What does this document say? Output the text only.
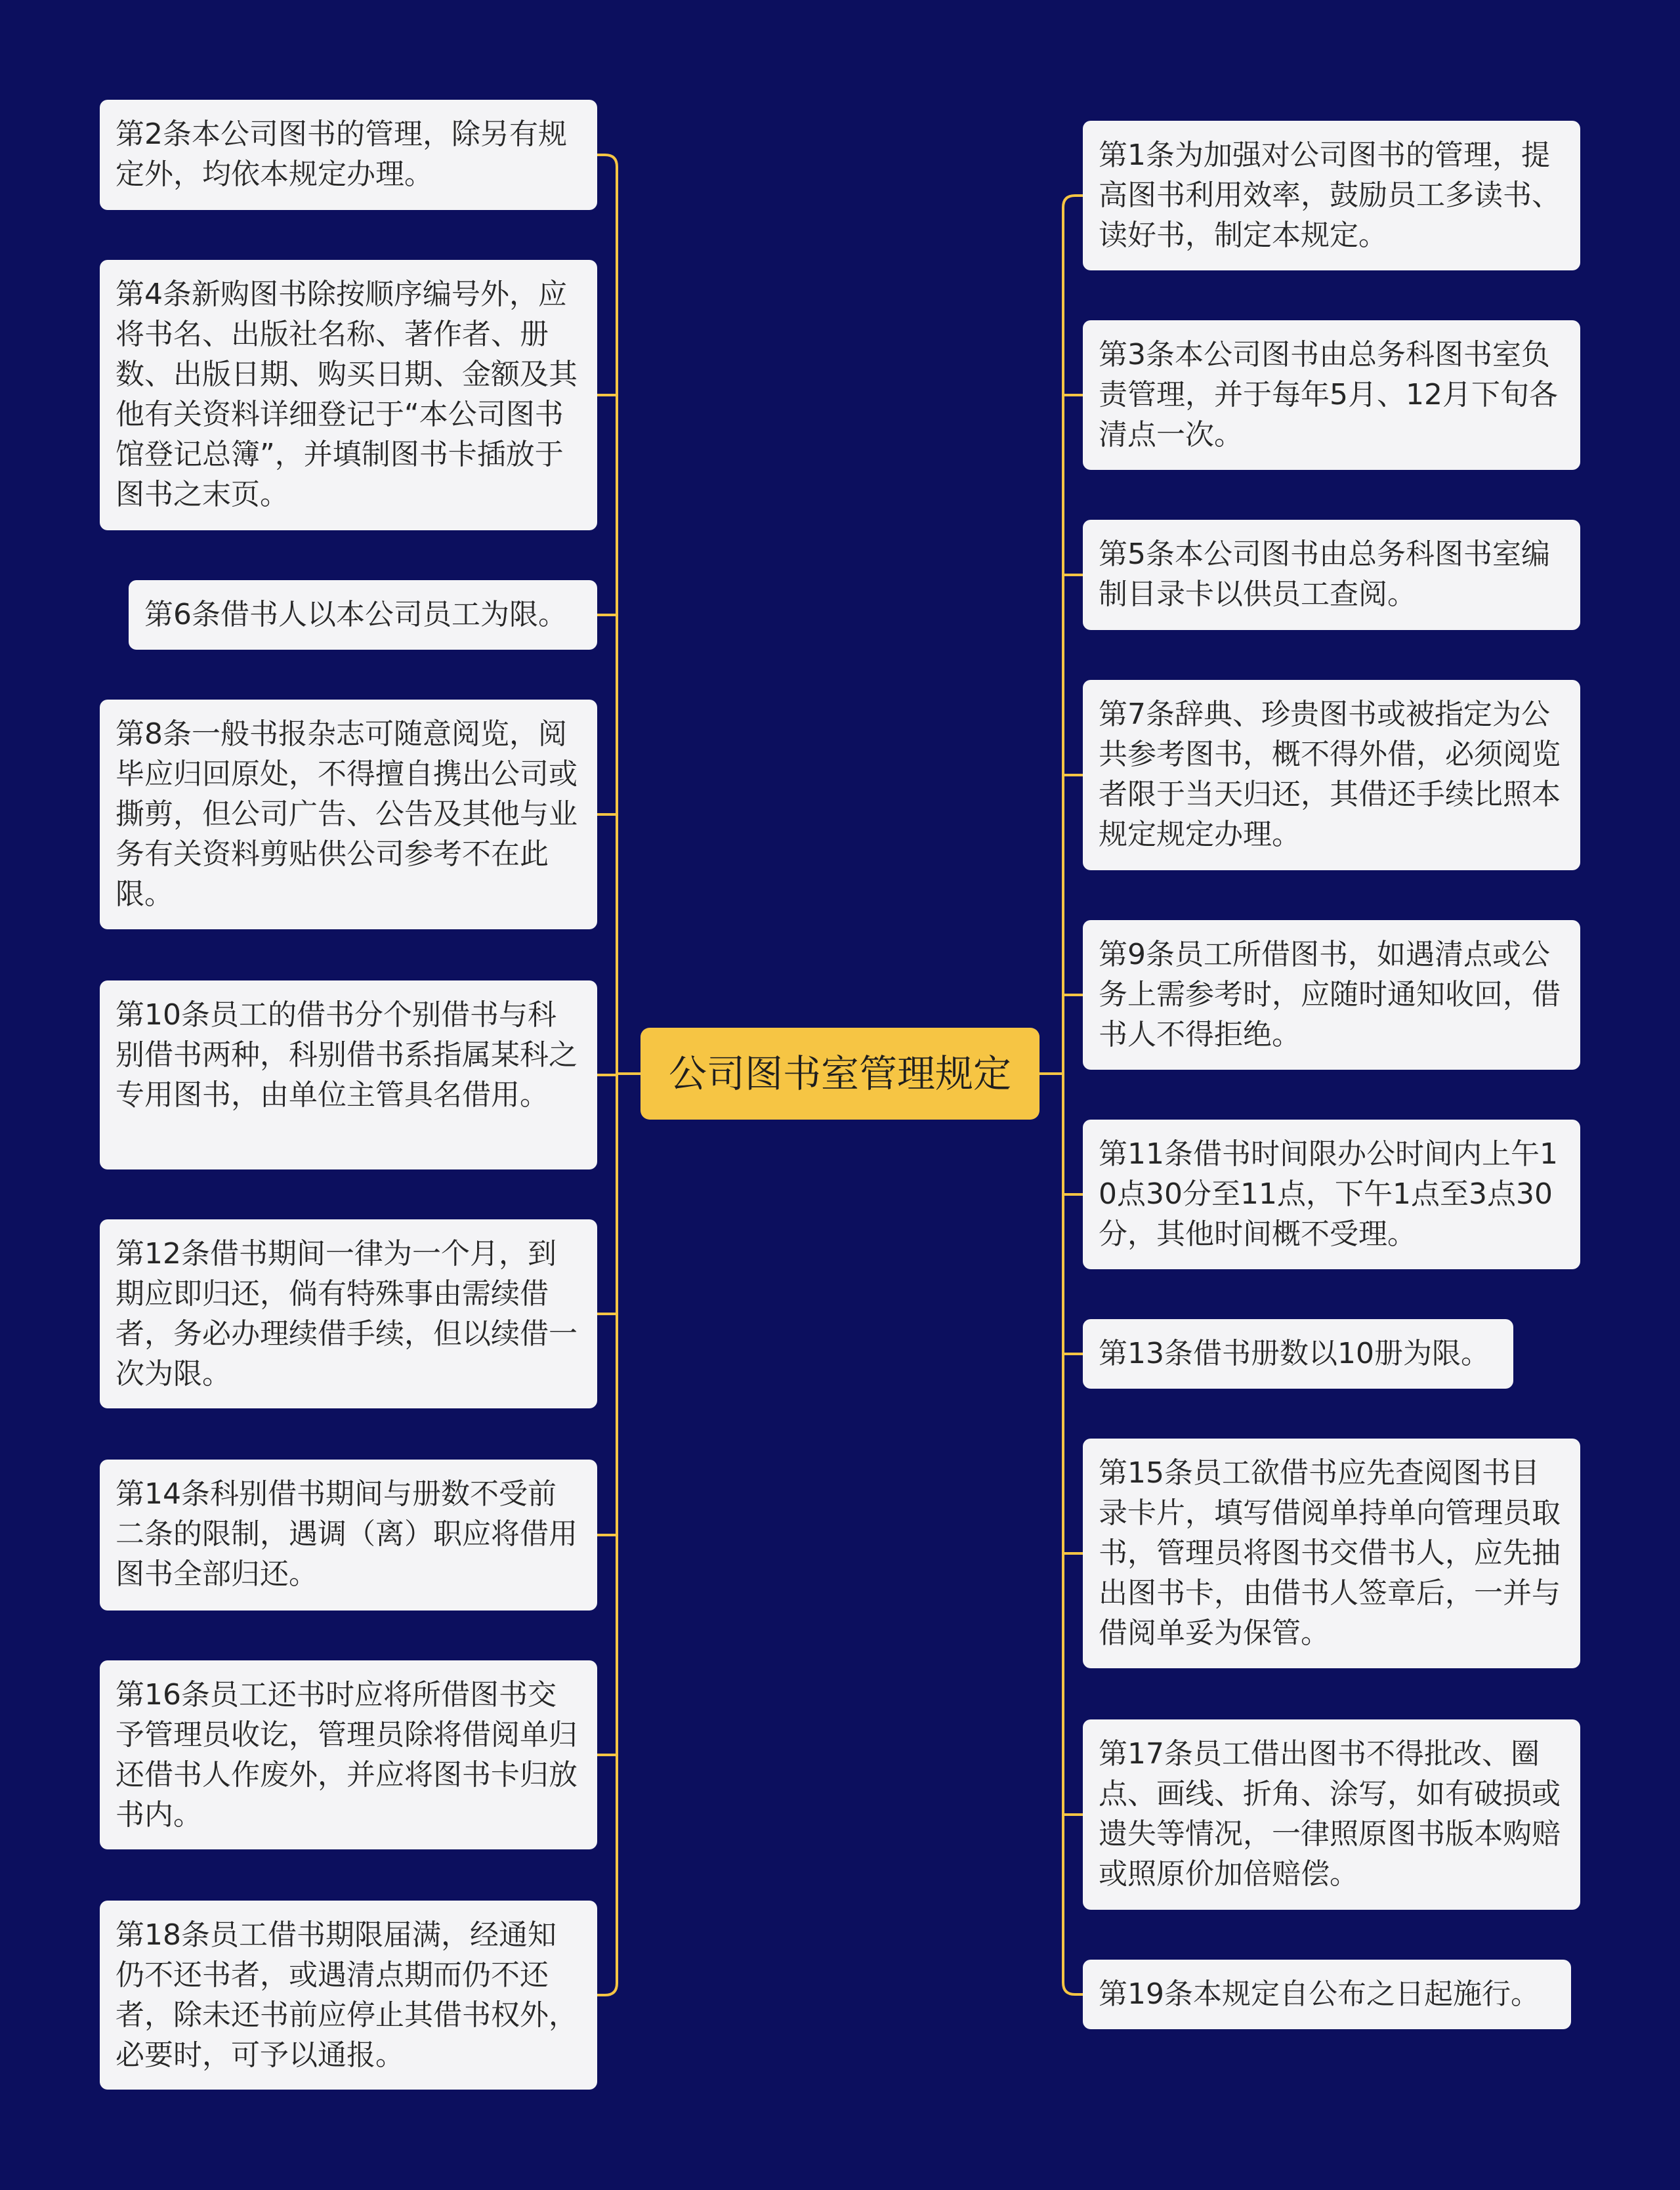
公司图书室管理规定
第2条本公司图书的管理，除另有规定外，均依本规定办理。
第4条新购图书除按顺序编号外，应将书名、出版社名称、著作者、册数、出版日期、购买日期、金额及其他有关资料详细登记于“本公司图书馆登记总簿”，并填制图书卡插放于图书之末页。
第6条借书人以本公司员工为限。
第8条一般书报杂志可随意阅览，阅毕应归回原处，不得擅自携出公司或撕剪，但公司广告、公告及其他与业务有关资料剪贴供公司参考不在此限。
第10条员工的借书分个别借书与科别借书两种，科别借书系指属某科之专用图书，由单位主管具名借用。
第12条借书期间一律为一个月，到期应即归还，倘有特殊事由需续借者，务必办理续借手续，但以续借一次为限。
第14条科别借书期间与册数不受前二条的限制，遇调（离）职应将借用图书全部归还。
第16条员工还书时应将所借图书交予管理员收讫，管理员除将借阅单归还借书人作废外，并应将图书卡归放书内。
第18条员工借书期限届满，经通知仍不还书者，或遇清点期而仍不还者，除未还书前应停止其借书权外，必要时，可予以通报。
第1条为加强对公司图书的管理，提高图书利用效率，鼓励员工多读书、读好书，制定本规定。
第3条本公司图书由总务科图书室负责管理，并于每年5月、12月下旬各清点一次。
第5条本公司图书由总务科图书室编制目录卡以供员工查阅。
第7条辞典、珍贵图书或被指定为公共参考图书，概不得外借，必须阅览者限于当天归还，其借还手续比照本规定规定办理。
第9条员工所借图书，如遇清点或公务上需参考时，应随时通知收回，借书人不得拒绝。
第11条借书时间限办公时间内上午10点30分至11点，下午1点至3点30分，其他时间概不受理。
第13条借书册数以10册为限。
第15条员工欲借书应先查阅图书目录卡片，填写借阅单持单向管理员取书，管理员将图书交借书人，应先抽出图书卡，由借书人签章后，一并与借阅单妥为保管。
第17条员工借出图书不得批改、圈点、画线、折角、涂写，如有破损或遗失等情况，一律照原图书版本购赔或照原价加倍赔偿。
第19条本规定自公布之日起施行。
